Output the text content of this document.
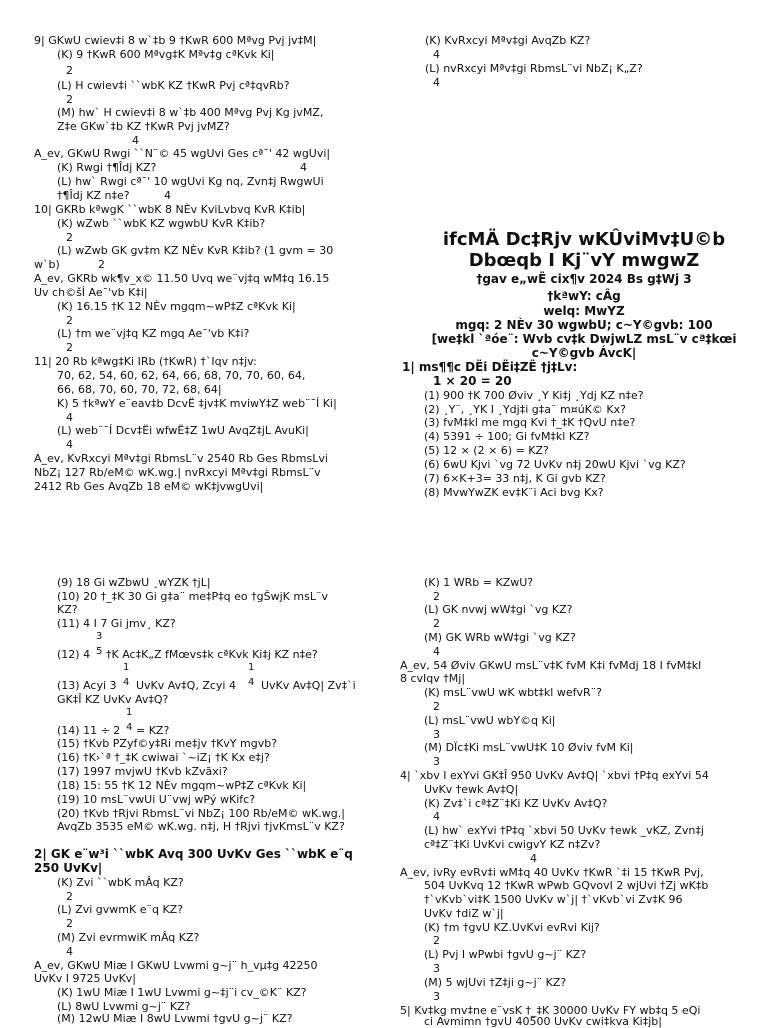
9| GKwU cwiev‡i 8 w`‡b 9 †KwR 600 Mªvg Pvj jv‡M|
(K) 9 †KwR 600 Mªvg‡K Mªv‡g cªKvk Ki|
2
(L) H cwiev‡i ``wbK KZ †KwR Pvj cª‡qvRb?
2
(M) hw` H cwiev‡i 8 w`‡b 400 Mªvg Pvj Kg jvMZ,
Z‡e GKw`‡b KZ †KwR Pvj jvMZ?
4
A_ev, GKwU Rwgi ``N¨© 45 wgUvi Ges cª¯' 42 wgUvi|
(K) Rwgi †¶Îdj KZ?	4
(L) hw` Rwgi cª¯' 10 wgUvi Kg nq, Zvn‡j RwgwUi
†¶Îdj KZ n‡e?	4
10| GKRb kªwgK ``wbK 8 NÈv KviLvbvq KvR K‡ib|
(K) wZwb ``wbK KZ wgwbU KvR K‡ib?
2
(L) wZwb GK gv‡m KZ NÈv KvR K‡ib? (1 gvm = 30
w`b)	2
A_ev, GKRb wk¶v_x© 11.50 Uvq we¨vj‡q wM‡q 16.15
Uv ch©šÍ Ae¯'vb K‡i|
(K) 16.15 †K 12 NÈv mgqm~wP‡Z cªKvk Ki|
2
(L) †m we¨vj‡q KZ mgq Ae¯'vb K‡i?
2
11| 20 Rb kªwg‡Ki IRb (†KwR) †`Iqv n‡jv:
70, 62, 54, 60, 62, 64, 66, 68, 70, 70, 60, 64,
66, 68, 70, 60, 70, 72, 68, 64|
K) 5 †kªwY e¨eav‡b DcvË ‡jv‡K mviwY‡Z web¨¯Í Ki|
4
(L) web¨¯Í Dcv‡Ëi wfwË‡Z 1wU AvqZ‡jL AvuKi|
4
A_ev, KvRxcyi Mªv‡gi RbmsL¨v 2540 Rb Ges RbmsLvi
NbZ¡ 127 Rb/eM© wK.wg.| nvRxcyi Mªv‡gi RbmsL¨v
2412 Rb Ges AvqZb 18 eM© wK‡jvwgUvi|
(K) KvRxcyi Mªv‡gi AvqZb KZ?
4
(L) nvRxcyi Mªv‡gi RbmsL¨vi NbZ¡ K„Z?
4
ifcMÄ Dc‡Rjv wKÛviMv‡U©b
Dbœqb I Kj¨vY mwgwZ
†gav e„wË cix¶v 2024 Bs g‡Wj 3
†kªwY: cÂg
welq: MwYZ
mgq: 2 NÈv 30 wgwbU; c~Y©gvb: 100
[we‡kl `ªóe¨: Wvb cv‡k DwjwLZ msL¨v cª‡kœi
c~Y©gvb ÁvcK|
1| ms¶¶c DËi DËi‡ZË †j‡Lv:
1 × 20 = 20
(1) 900 †K 700 Øviv ¸Y Ki‡j ¸Ydj KZ n‡e?
(2) ¸Y¨, ¸YK I ¸Ydj‡i g‡a¨ m¤úK© Kx?
(3) fvM‡kl me mgq Kvi †_‡K †QvU n‡e?
(4) 5391 ÷ 100; Gi fvM‡kl KZ?
(5) 12 × (2 × 6) = KZ?
(6) 6wU Kjvi `vg 72 UvKv n‡j 20wU Kjvi `vg KZ?
(7) 6×K+3= 33 n‡j, K Gi gvb KZ?
(8) MvwYwZK ev‡K¨i Aci bvg Kx?
(9) 18 Gi wZbwU ¸wYZK †jL|
(10) 20 †_‡K 30 Gi g‡a¨ me‡P‡q eo †gŠwjK msL¨v
KZ?
(11) 4 I 7 Gi jmv¸ KZ?
3
(12) 4 5 †K Ac‡K„Z fMœvs‡k cªKvk Ki‡j KZ n‡e?
1	1
(13) Acyi 3 4 UvKv Av‡Q, Zcyi 4 4 UvKv Av‡Q| Zv‡`i
GK‡Î KZ UvKv Av‡Q?
1
(14) 11 ÷ 2 4 = KZ?
(15) †Kvb PZyf©y‡Ri me‡jv †KvY mgvb?
(16) †K›`ª †_‡K cwiwai `~iZ¡ †K Kx e‡j?
(17) 1997 mvjwU †Kvb kZvãxi?
(18) 15: 55 †K 12 NÈv mgqm~wP‡Z cªKvk Ki|
(19) 10 msL¨vwUi U¨vwj wPý wKifc?
(20) †Kvb †Rjvi RbmsL¨vi NbZ¡ 100 Rb/eM© wK.wg.|
AvqZb 3535 eM© wK.wg. n‡j, H †Rjvi †jvKmsL¨v KZ?
2| GK e¨w³i ``wbK Avq 300 UvKv Ges ``wbK e¨q
250 UvKv|
(K) Zvi ``wbK mÂq KZ?
2
(L) Zvi gvwmK e¨q KZ?
2
(M) Zvi evrmwiK mÂq KZ?
4
A_ev, GKwU Miæ I GKwU Lvwmi g~j¨ h_vµ‡g 42250
UvKv I 9725 UvKv|
(K) 1wU Miæ I 1wU Lvwmi g~‡j¨i cv_©K¨ KZ?
(L) 8wU Lvwmi g~j¨ KZ?
(M) 12wU Miæ I 8wU Lvwmi †gvU g~j¨ KZ?
(K) 1 WRb = KZwU?
2
(L) GK nvwj wW‡gi `vg KZ?
2
(M) GK WRb wW‡gi `vg KZ?
4
A_ev, 54 Øviv GKwU msL¨v‡K fvM K‡i fvMdj 18 I fvM‡kl
8 cvIqv †Mj|
(K) msL¨vwU wK wbt‡kl wefvR¨?
2
(L) msL¨vwU wbY©q Ki|
3
(M) DÏc‡Ki msL¨vwU‡K 10 Øviv fvM Ki|
3
4| `xbv I exYvi GK‡Î 950 UvKv Av‡Q| `xbvi †P‡q exYvi 54
UvKv †ewk Av‡Q|
(K) Zv‡`i cª‡Z¨‡Ki KZ UvKv Av‡Q?
4
(L) hw` exYvi †P‡q `xbvi 50 UvKv †ewk _vKZ, Zvn‡j
cª‡Z¨‡Ki UvKvi cwigvY KZ n‡Zv?
4
A_ev, ivRy evRv‡i wM‡q 40 UvKv †KwR `‡i 15 †KwR Pvj,
504 UvKvq 12 †KwR wPwb GQvovI 2 wjUvi †Zj wK‡b
†`vKvb`vi‡K 1500 UvKv w`j| †`vKvb`vi Zv‡K 96
UvKv †diZ w`j|
(K) †m †gvU KZ.UvKvi evRvi Kij?
2
(L) Pvj I wPwbi †gvU g~j¨ KZ?
3
(M) 5 wjUvi †Z‡ji g~j¨ KZ?
3
5| Kv‡kg mv‡ne e¨vsK †_‡K 30000 UvKv FY wb‡q 5 eQi
ci Avmimn †gvU 40500 UvKv cwi‡kva Ki‡jb|
